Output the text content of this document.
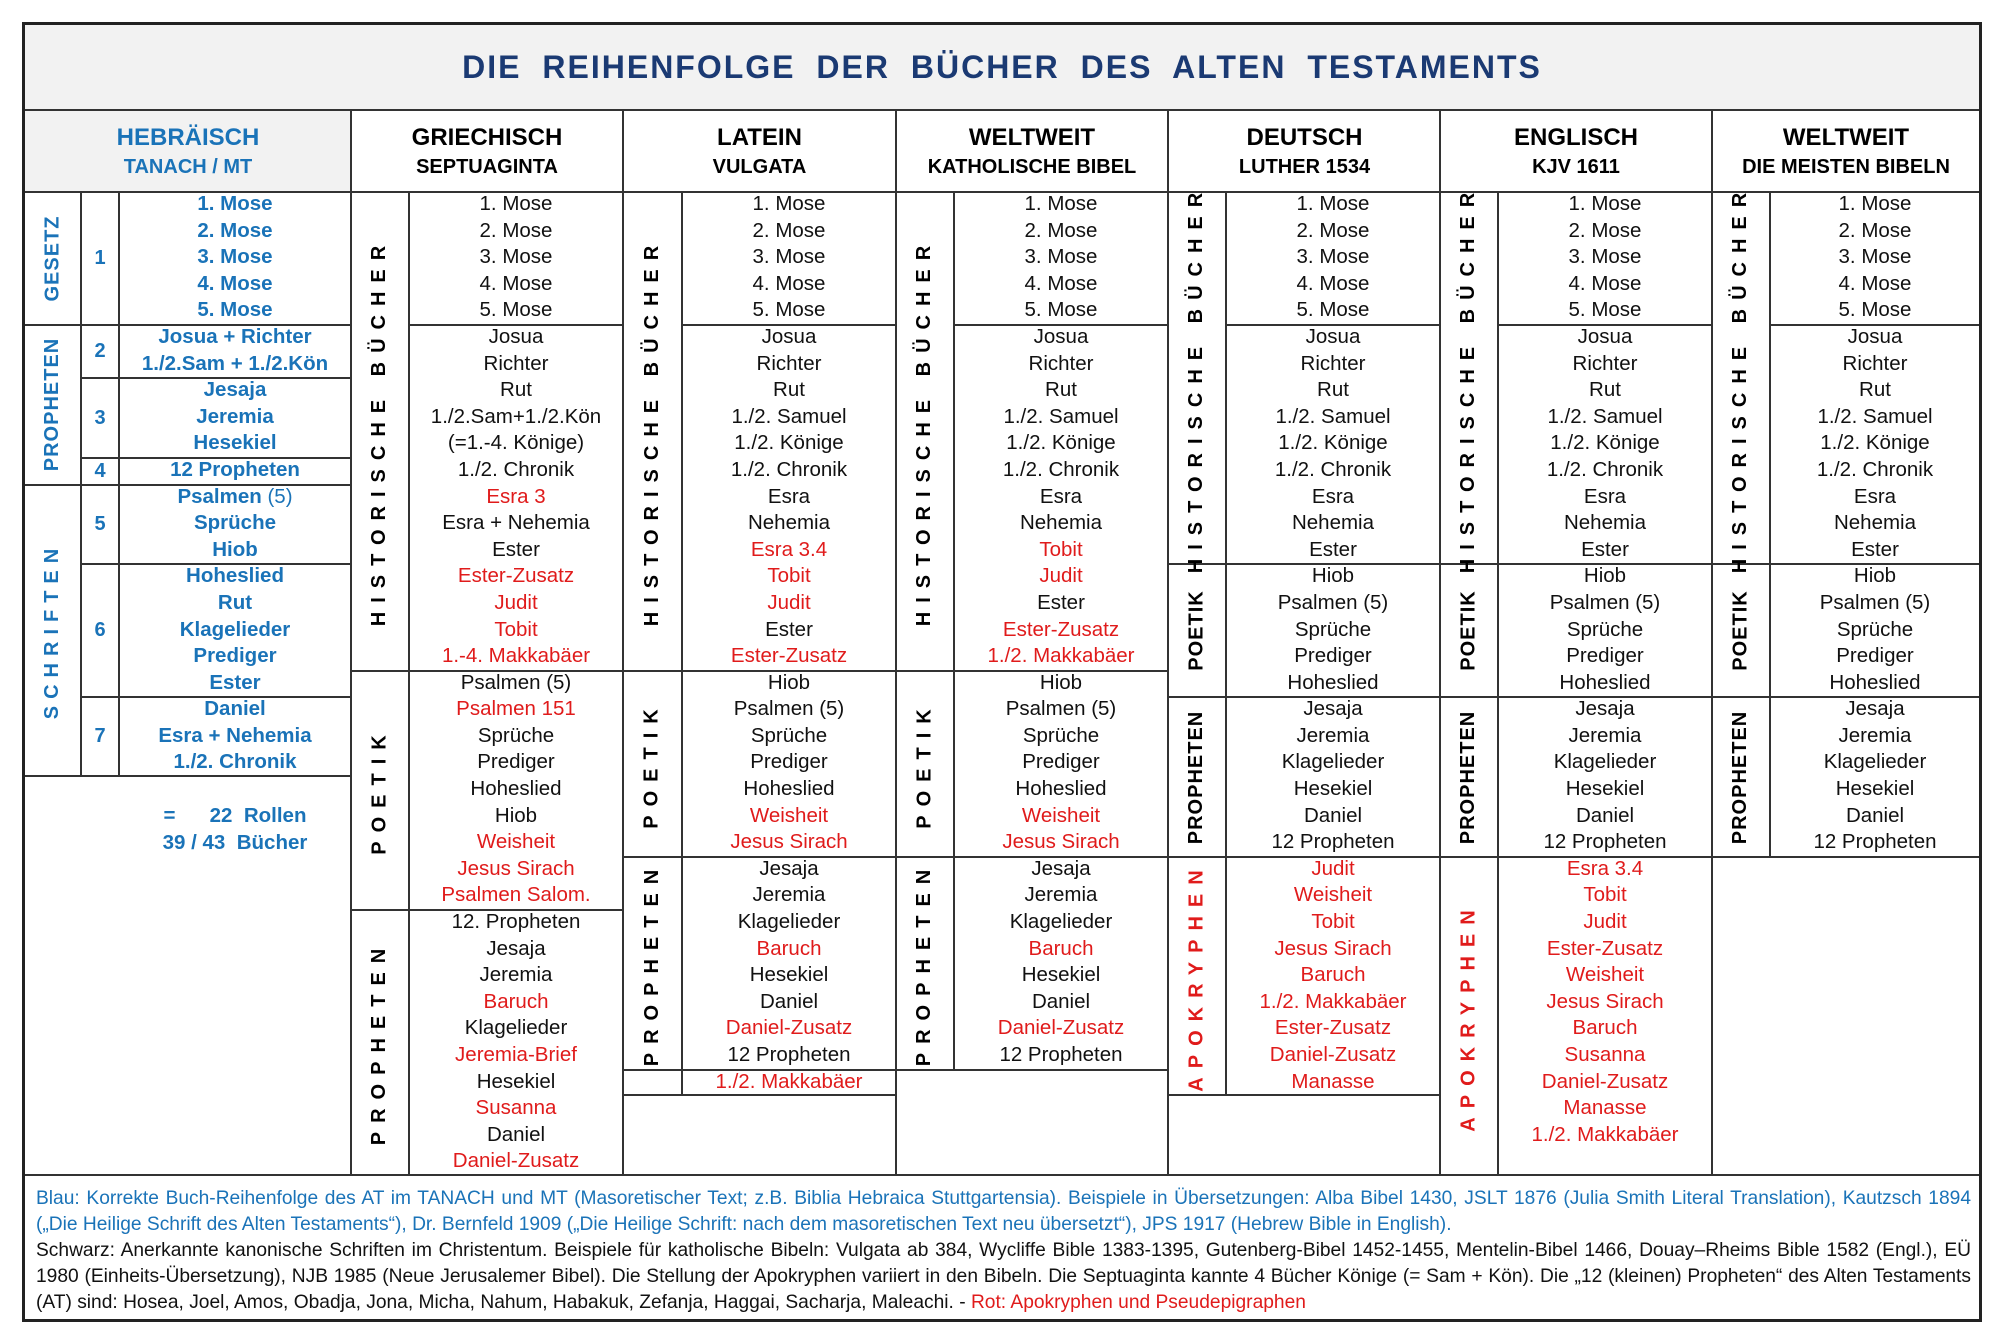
DIE REIHENFOLGE DER BÜCHER DES ALTEN TESTAMENTS
HEBRÄISCH
TANACH / MT
GRIECHISCH
SEPTUAGINTA
LATEIN
VULGATA
WELTWEIT
KATHOLISCHE BIBEL
DEUTSCH
LUTHER 1534
ENGLISCH
KJV 1611
WELTWEIT
DIE MEISTEN BIBELN
GESETZ
PROPHETEN
SCHRIFTEN
1
2
3
4
5
6
7
1. Mose
2. Mose
3. Mose
4. Mose
5. Mose
Josua + Richter
1./2.Sam + 1./2.Kön
Jesaja
Jeremia
Hesekiel
12 Propheten
Psalmen (5)
Sprüche
Hiob
Hoheslied
Rut
Klagelieder
Prediger
Ester
Daniel
Esra + Nehemia
1./2. Chronik
=      22  Rollen
39 / 43  Bücher
HISTORISCHE BÜCHER
POETIK
PROPHETEN
1. Mose
2. Mose
3. Mose
4. Mose
5. Mose
Josua
Richter
Rut
1./2.Sam+1./2.Kön
(=1.-4. Könige)
1./2. Chronik
Esra 3
Esra + Nehemia
Ester
Ester-Zusatz
Judit
Tobit
1.-4. Makkabäer
Psalmen (5)
Psalmen 151
Sprüche
Prediger
Hoheslied
Hiob
Weisheit
Jesus Sirach
Psalmen Salom.
12. Propheten
Jesaja
Jeremia
Baruch
Klagelieder
Jeremia-Brief
Hesekiel
Susanna
Daniel
Daniel-Zusatz
HISTORISCHE BÜCHER
POETIK
PROPHETEN
1. Mose
2. Mose
3. Mose
4. Mose
5. Mose
Josua
Richter
Rut
1./2. Samuel
1./2. Könige
1./2. Chronik
Esra
Nehemia
Esra 3.4
Tobit
Judit
Ester
Ester-Zusatz
Hiob
Psalmen (5)
Sprüche
Prediger
Hoheslied
Weisheit
Jesus Sirach
Jesaja
Jeremia
Klagelieder
Baruch
Hesekiel
Daniel
Daniel-Zusatz
12 Propheten
1./2. Makkabäer
HISTORISCHE BÜCHER
POETIK
PROPHETEN
1. Mose
2. Mose
3. Mose
4. Mose
5. Mose
Josua
Richter
Rut
1./2. Samuel
1./2. Könige
1./2. Chronik
Esra
Nehemia
Tobit
Judit
Ester
Ester-Zusatz
1./2. Makkabäer
Hiob
Psalmen (5)
Sprüche
Prediger
Hoheslied
Weisheit
Jesus Sirach
Jesaja
Jeremia
Klagelieder
Baruch
Hesekiel
Daniel
Daniel-Zusatz
12 Propheten
HISTORISCHE BÜCHER
POETIK
PROPHETEN
APOKRYPHEN
1. Mose
2. Mose
3. Mose
4. Mose
5. Mose
Josua
Richter
Rut
1./2. Samuel
1./2. Könige
1./2. Chronik
Esra
Nehemia
Ester
Hiob
Psalmen (5)
Sprüche
Prediger
Hoheslied
Jesaja
Jeremia
Klagelieder
Hesekiel
Daniel
12 Propheten
Judit
Weisheit
Tobit
Jesus Sirach
Baruch
1./2. Makkabäer
Ester-Zusatz
Daniel-Zusatz
Manasse
HISTORISCHE BÜCHER
POETIK
PROPHETEN
APOKRYPHEN
1. Mose
2. Mose
3. Mose
4. Mose
5. Mose
Josua
Richter
Rut
1./2. Samuel
1./2. Könige
1./2. Chronik
Esra
Nehemia
Ester
Hiob
Psalmen (5)
Sprüche
Prediger
Hoheslied
Jesaja
Jeremia
Klagelieder
Hesekiel
Daniel
12 Propheten
Esra 3.4
Tobit
Judit
Ester-Zusatz
Weisheit
Jesus Sirach
Baruch
Susanna
Daniel-Zusatz
Manasse
1./2. Makkabäer
HISTORISCHE BÜCHER
POETIK
PROPHETEN
1. Mose
2. Mose
3. Mose
4. Mose
5. Mose
Josua
Richter
Rut
1./2. Samuel
1./2. Könige
1./2. Chronik
Esra
Nehemia
Ester
Hiob
Psalmen (5)
Sprüche
Prediger
Hoheslied
Jesaja
Jeremia
Klagelieder
Hesekiel
Daniel
12 Propheten

Blau: Korrekte Buch-Reihenfolge des AT im TANACH und MT (Masoretischer Text; z.B. Biblia Hebraica Stuttgartensia). Beispiele in Übersetzungen: Alba Bibel 1430, JSLT 1876 (Julia Smith Literal Translation), Kautzsch 1894 („Die Heilige Schrift des Alten Testaments“), Dr. Bernfeld 1909 („Die Heilige Schrift: nach dem masoretischen Text neu übersetzt“), JPS 1917 (Hebrew Bible in English).

Schwarz: Anerkannte kanonische Schriften im Christentum. Beispiele für katholische Bibeln: Vulgata ab 384, Wycliffe Bible 1383-1395, Gutenberg-Bibel 1452-1455, Mentelin-Bibel 1466, Douay–Rheims Bible 1582 (Engl.), EÜ 1980 (Einheits-Übersetzung), NJB 1985 (Neue Jerusalemer Bibel). Die Stellung der Apokryphen variiert in den Bibeln. Die Septuaginta kannte 4 Bücher Könige (= Sam + Kön). Die „12 (kleinen) Propheten“ des Alten Testaments (AT) sind: Hosea, Joel, Amos, Obadja, Jona, Micha, Nahum, Habakuk, Zefanja, Haggai, Sacharja, Maleachi. - Rot: Apokryphen und Pseudepigraphen
